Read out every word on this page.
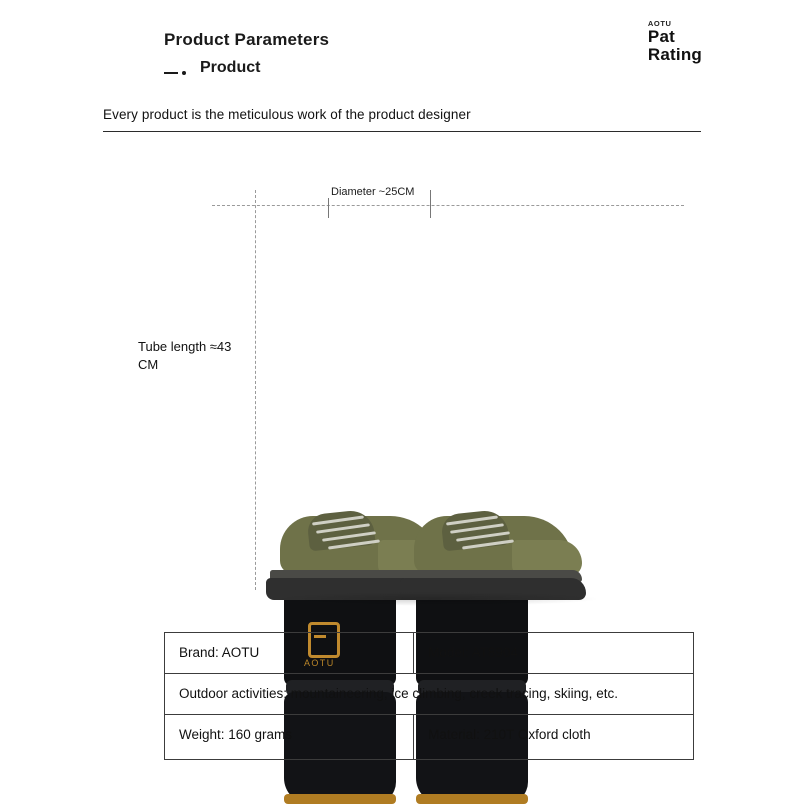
Product Parameters
Product
AOTU
Pat
Rating
Every product is the meticulous work of the product designer
Diameter ~25CM
Tube length ≈43 CM
AOTU
Brand: AOTU	Model: AT8904
Outdoor activities: mountaineering, ice climbing, creek tracing, skiing, etc.
Weight: 160 grams	Material: 210T Oxford cloth
